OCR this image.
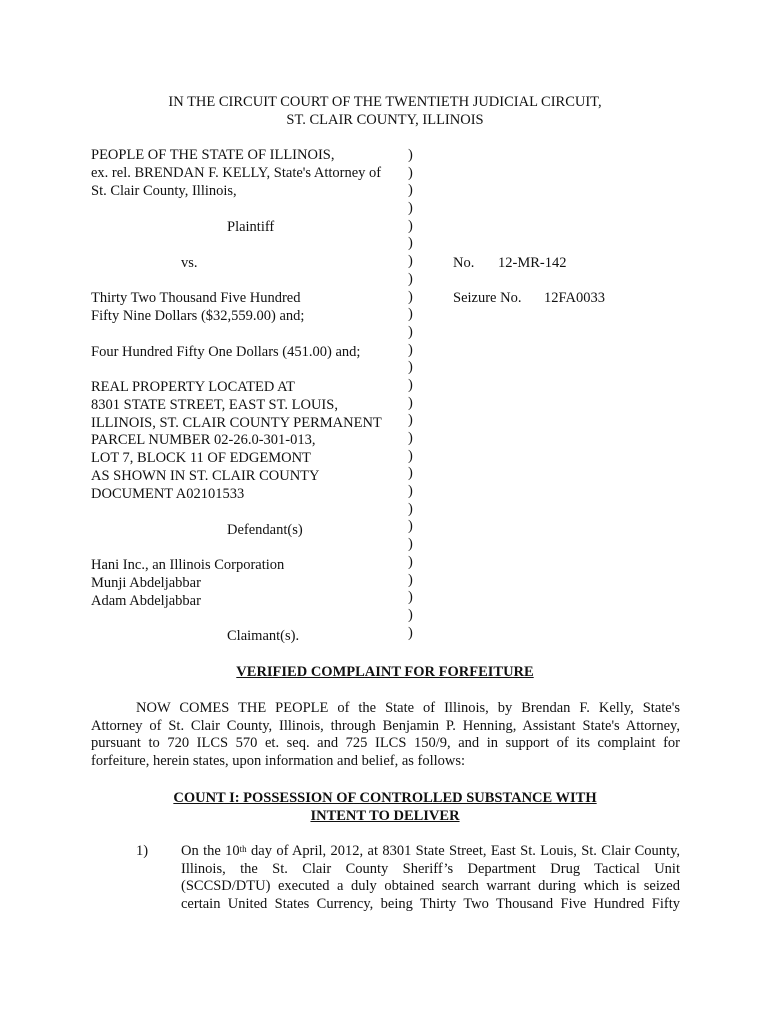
IN THE CIRCUIT COURT OF THE TWENTIETH JUDICIAL CIRCUIT,
ST. CLAIR COUNTY, ILLINOIS
PEOPLE OF THE STATE OF ILLINOIS,
ex. rel. BRENDAN F. KELLY, State's Attorney of
St. Clair County, Illinois,
Plaintiff
vs.
Thirty Two Thousand Five Hundred
Fifty Nine Dollars ($32,559.00) and;
Four Hundred Fifty One Dollars (451.00) and;
REAL PROPERTY LOCATED AT
8301 STATE STREET, EAST ST. LOUIS,
ILLINOIS, ST. CLAIR COUNTY PERMANENT
PARCEL NUMBER 02-26.0-301-013,
LOT 7, BLOCK 11 OF EDGEMONT
AS SHOWN IN ST. CLAIR COUNTY
DOCUMENT A02101533
Defendant(s)
Hani Inc., an Illinois Corporation
Munji Abdeljabbar
Adam Abdeljabbar
Claimant(s).
)
)
)
)
)
)
)
)
)
)
)
)
)
)
)
)
)
)
)
)
)
)
)
)
)
)
)
)
No. 12-MR-142
Seizure No. 12FA0033
VERIFIED COMPLAINT FOR FORFEITURE
NOW COMES THE PEOPLE of the State of Illinois, by Brendan F. Kelly, State's
Attorney of St. Clair County, Illinois, through Benjamin P. Henning, Assistant State's Attorney,
pursuant to 720 ILCS 570 et. seq. and 725 ILCS 150/9, and in support of its complaint for
forfeiture, herein states, upon information and belief, as follows:
COUNT I: POSSESSION OF CONTROLLED SUBSTANCE WITH
INTENT TO DELIVER
1) On the 10th day of April, 2012, at 8301 State Street, East St. Louis, St. Clair County,
Illinois, the St. Clair County Sheriff’s Department Drug Tactical Unit
(SCCSD/DTU) executed a duly obtained search warrant during which is seized
certain United States Currency, being Thirty Two Thousand Five Hundred Fifty
